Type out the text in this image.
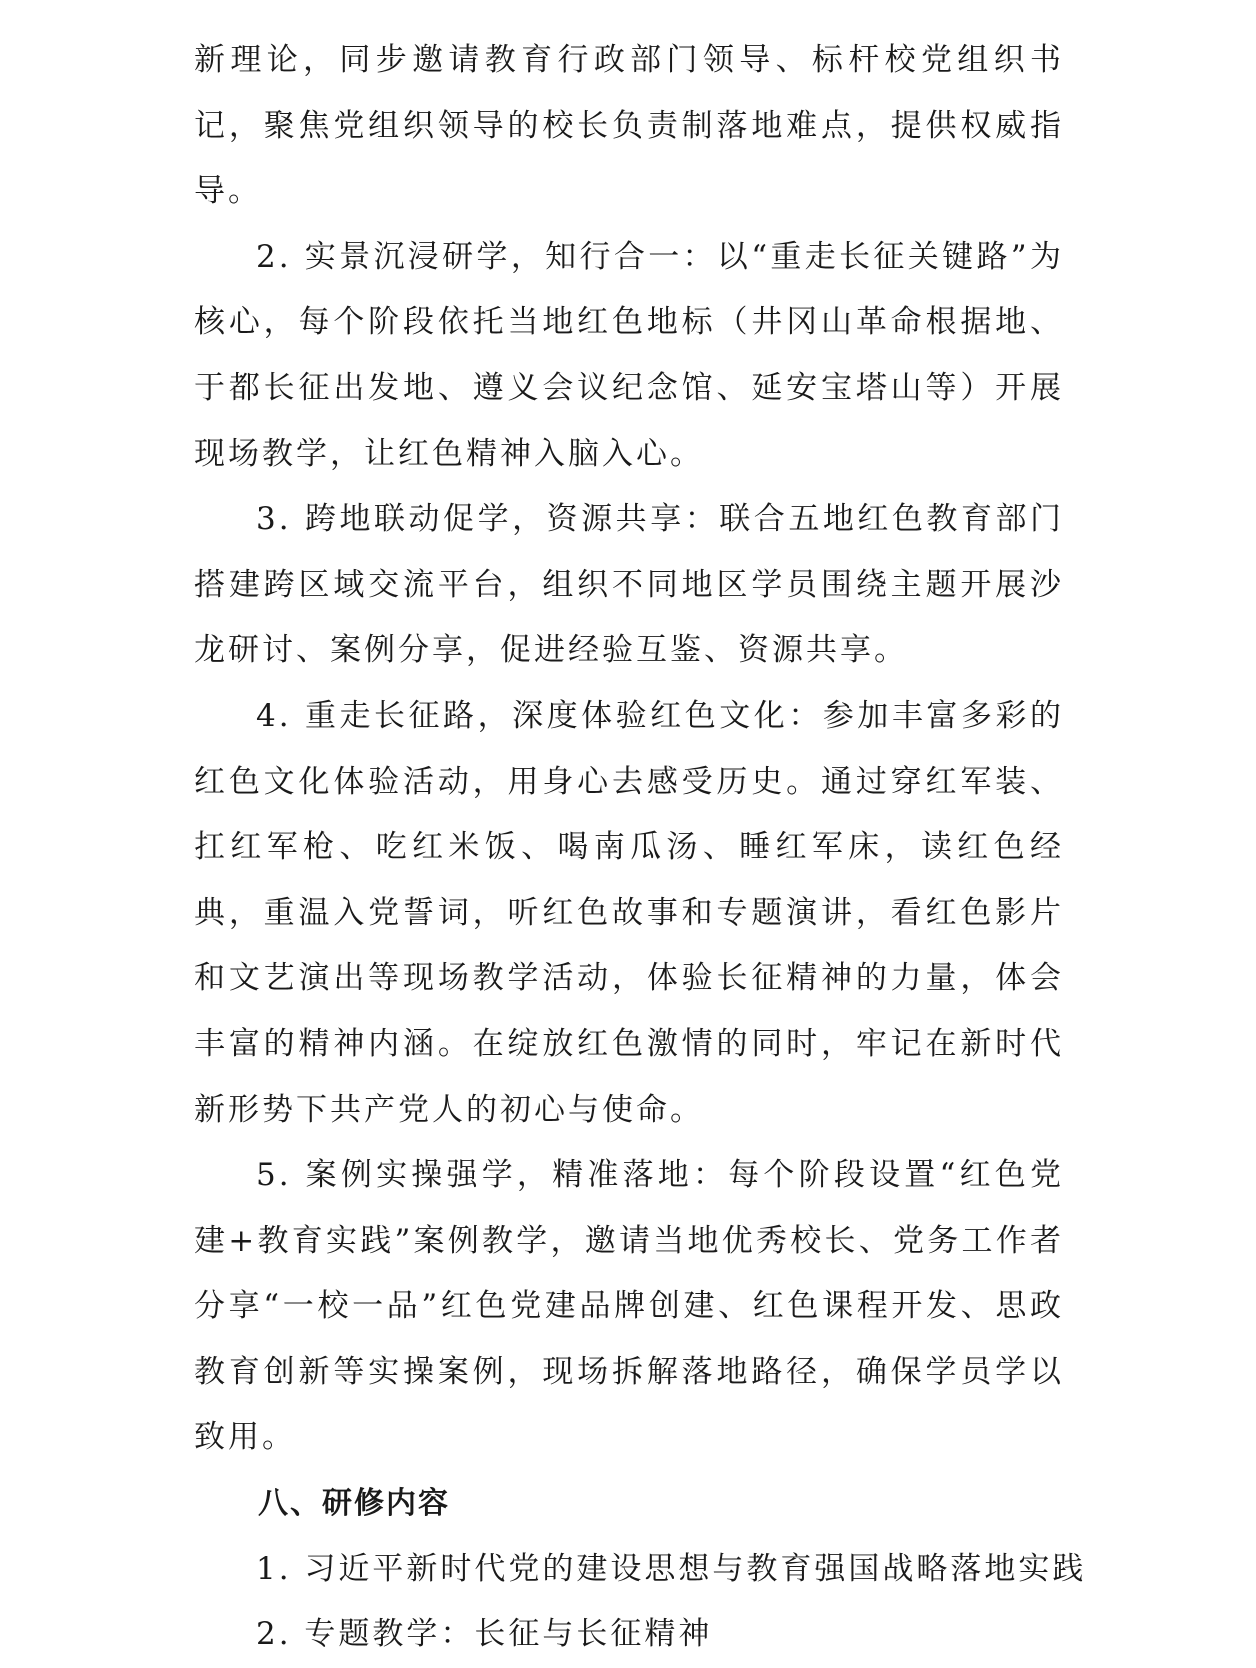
新理论，同步邀请教育行政部门领导、标杆校党组织书记，聚焦党组织领导的校长负责制落地难点，提供权威指导。

2. 实景沉浸研学，知行合一：以“重走长征关键路”为核心，每个阶段依托当地红色地标（井冈山革命根据地、于都长征出发地、遵义会议纪念馆、延安宝塔山等）开展现场教学，让红色精神入脑入心。

3. 跨地联动促学，资源共享：联合五地红色教育部门搭建跨区域交流平台，组织不同地区学员围绕主题开展沙龙研讨、案例分享，促进经验互鉴、资源共享。

4. 重走长征路，深度体验红色文化：参加丰富多彩的红色文化体验活动，用身心去感受历史。通过穿红军装、扛红军枪、吃红米饭、喝南瓜汤、睡红军床，读红色经典，重温入党誓词，听红色故事和专题演讲，看红色影片和文艺演出等现场教学活动，体验长征精神的力量，体会丰富的精神内涵。在绽放红色激情的同时，牢记在新时代新形势下共产党人的初心与使命。

5. 案例实操强学，精准落地：每个阶段设置“红色党建+教育实践”案例教学，邀请当地优秀校长、党务工作者分享“一校一品”红色党建品牌创建、红色课程开发、思政教育创新等实操案例，现场拆解落地路径，确保学员学以致用。

八、研修内容

1. 习近平新时代党的建设思想与教育强国战略落地实践

2. 专题教学：长征与长征精神
